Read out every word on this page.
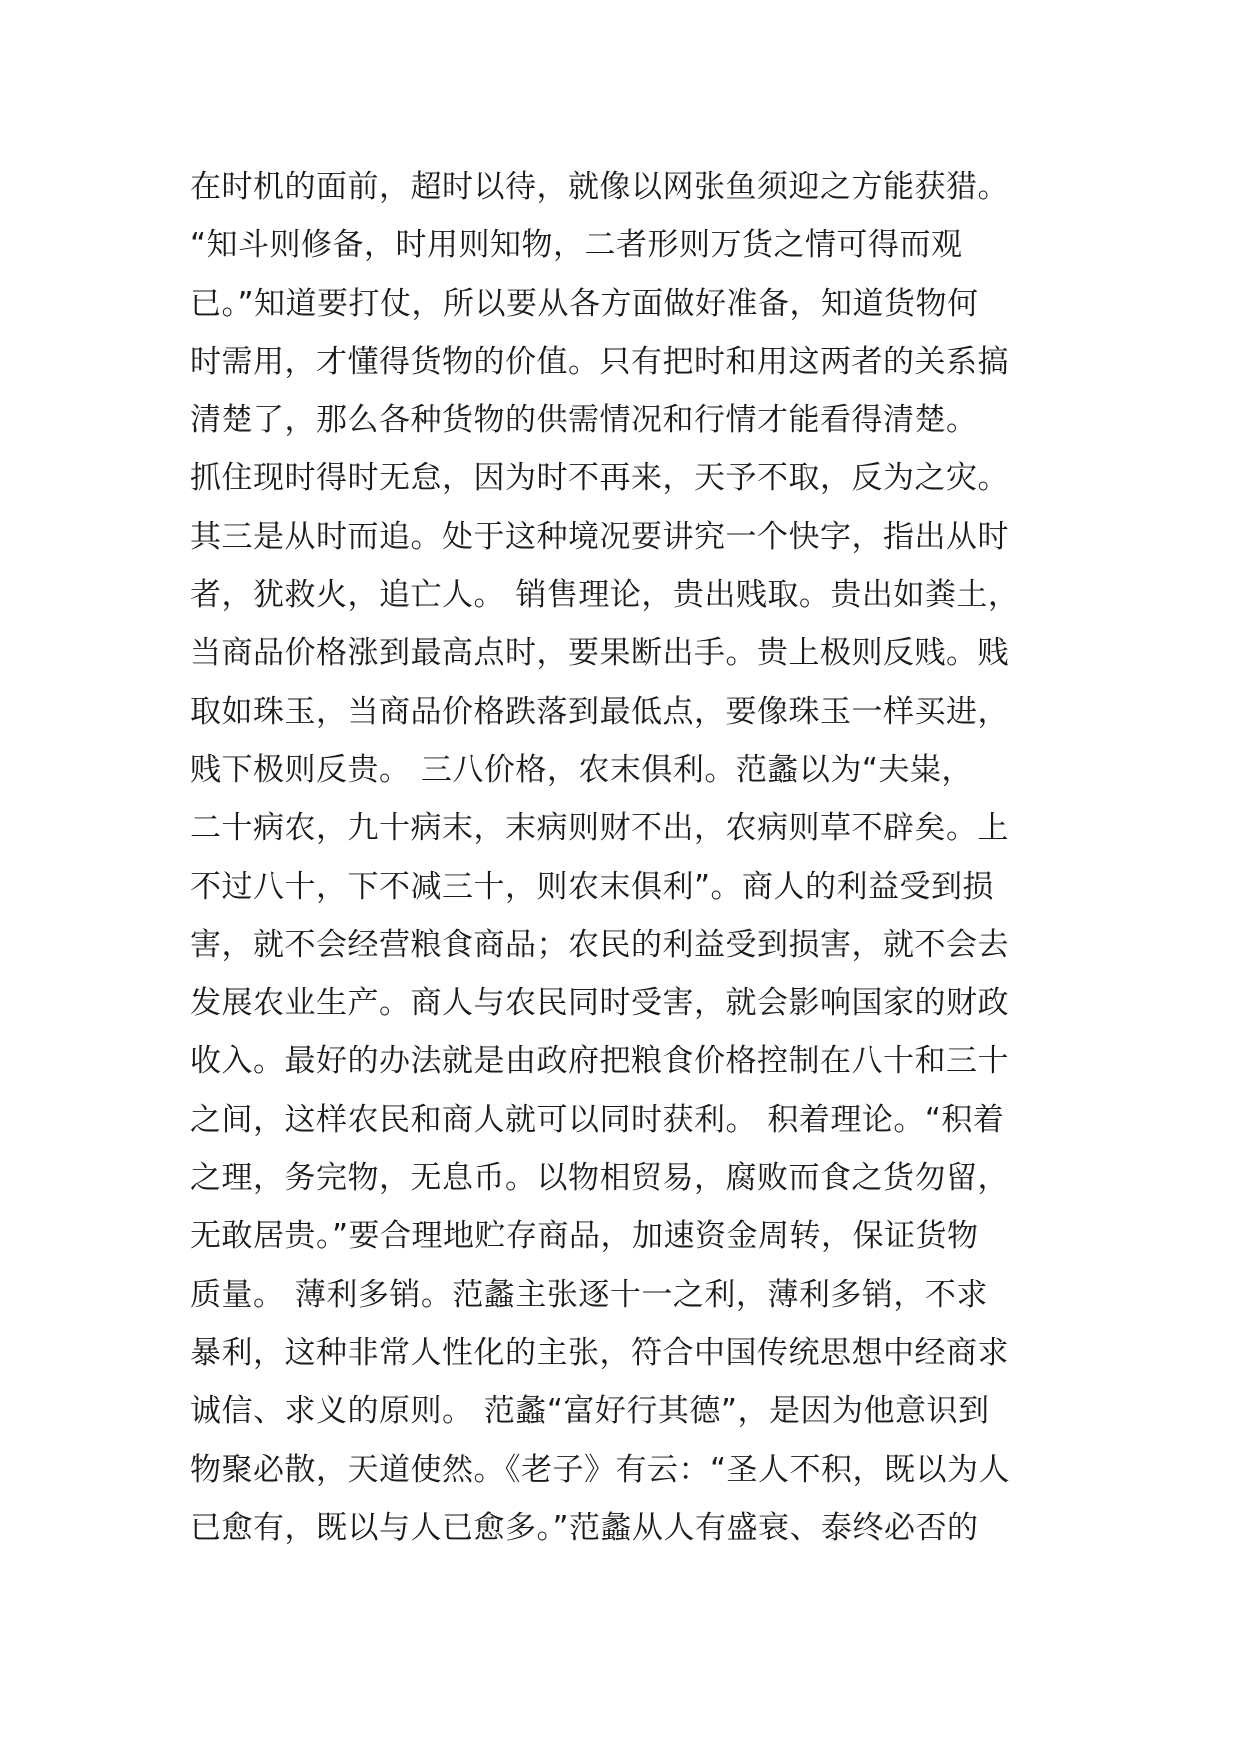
在时机的面前，超时以待，就像以网张鱼须迎之方能获猎。
“知斗则修备，时用则知物，二者形则万货之情可得而观
已。”知道要打仗，所以要从各方面做好准备，知道货物何
时需用，才懂得货物的价值。只有把时和用这两者的关系搞
清楚了，那么各种货物的供需情况和行情才能看得清楚。
抓住现时得时无怠，因为时不再来，天予不取，反为之灾。
其三是从时而追。处于这种境况要讲究一个快字，指出从时
者，犹救火，追亡人。 销售理论，贵出贱取。贵出如粪土，
当商品价格涨到最高点时，要果断出手。贵上极则反贱。贱
取如珠玉，当商品价格跌落到最低点，要像珠玉一样买进，
贱下极则反贵。 三八价格，农末俱利。范蠡以为“夫粜，
二十病农，九十病末，末病则财不出，农病则草不辟矣。上
不过八十，下不减三十，则农末俱利”。商人的利益受到损
害，就不会经营粮食商品；农民的利益受到损害，就不会去
发展农业生产。商人与农民同时受害，就会影响国家的财政
收入。最好的办法就是由政府把粮食价格控制在八十和三十
之间，这样农民和商人就可以同时获利。 积着理论。“积着
之理，务完物，无息币。以物相贸易，腐败而食之货勿留，
无敢居贵。”要合理地贮存商品，加速资金周转，保证货物
质量。 薄利多销。范蠡主张逐十一之利，薄利多销，不求
暴利，这种非常人性化的主张，符合中国传统思想中经商求
诚信、求义的原则。 范蠡“富好行其德”，是因为他意识到
物聚必散，天道使然。《老子》有云：“圣人不积，既以为人
已愈有，既以与人已愈多。”范蠡从人有盛衰、泰终必否的
